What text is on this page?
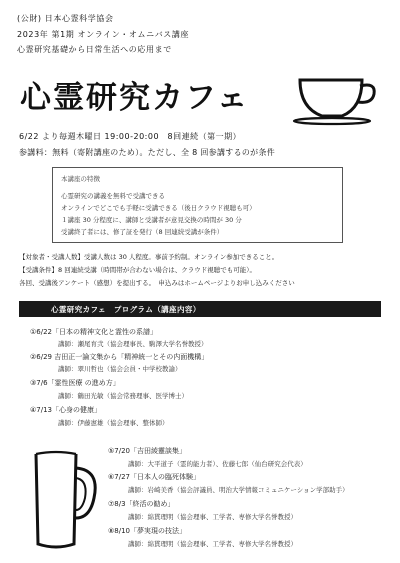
(公財) 日本心霊科学協会
2023年 第1期 オンライン・オムニバス講座
心霊研究基礎から日常生活への応用まで
心霊研究カフェ
6/22 より毎週木曜日 19:00-20:00　8回連続（第一期）
参講料：無料（寄附講座のため）。ただし、全 8 回参講するのが条件
本講座の特徴
心霊研究の講義を無料で受講できる
オンラインでどこでも手軽に受講できる（後日クラウド視聴も可）
１講座 30 分程度に、講師と受講者が意見交換の時間が 30 分
受講終了者には、修了証を発行（8 回連続受講が条件）
【対象者・受講人数】受講人数は 30 人程度。事前予約制。オンライン参加できること。
【受講条件】8 回連続受講（時間帯が合わない場合は、クラウド視聴でも可能）。
各回、受講後アンケート（感想）を提出する。　申込みはホームページよりお申し込みください
心霊研究カフェ　プログラム（講座内容）
①6/22「日本の精神文化と霊性の系譜」
講師：瀬尾育弐（協会理事長、駒澤大学名誉教授）
②6/29 吉田正一論文集から「精神統一とその内面機構」
講師：翠川哲也（協会会員・中学校教諭）
③7/6「霊性医療 の進め方」
講師：鶴田光敏（協会常務理事、医学博士）
④7/13「心身の健康」
講師：伊藤憲雄（協会理事、整体師）
⑤7/20「吉田綾靈談集」
講師：大平道子（霊的能力者）、佐藤七郎（仙台研究会代表）
⑥7/27「日本人の臨死体験」
講師：岩崎美香（協会評議員、明治大学情報コミュニケーション学部助手）
⑦8/3「終活の勧め」
講師：綿貫理明（協会理事、工学者、専修大学名誉教授）
⑧8/10「夢実現の技法」
講師：綿貫理明（協会理事、工学者、専修大学名誉教授）
